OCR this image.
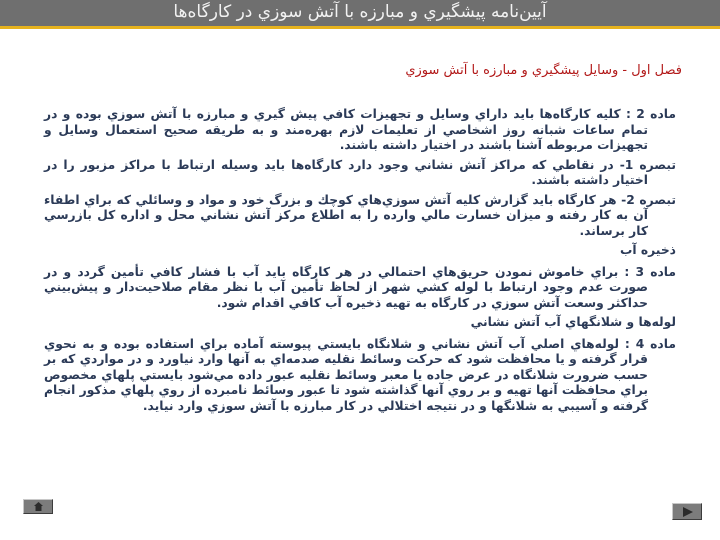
آيين‌نامه پيشگيري و مبارزه با آتش سوزي در كارگاه‌ها
فصل اول - وسايل پيشگيري و مبارزه با آتش سوزي

ماده 2 : كليه كارگاه‌ها بايد داراي وسايل و تجهيزات كافي پيش گيري و مبارزه با آتش سوزي بوده و در تمام ساعات شبانه روز اشخاصي از تعليمات لازم بهره‌مند و به طريقه صحيح استعمال وسايل و تجهيزات مربوطه آشنا باشند در اختيار داشته باشند.

تبصره 1- در نقاطي كه مراكز آتش نشاني وجود دارد كارگاه‌ها بايد وسيله ارتباط با مراكز مزبور را در اختيار داشته باشند.

تبصره 2- هر كارگاه بايد گزارش كليه آتش سوزي‌هاي كوچك و بزرگ خود و مواد و وسائلي كه براي اطفاء آن به كار رفته و ميزان خسارت مالي وارده را به اطلاع مركز آتش نشاني محل و اداره كل بازرسي كار برساند.

ذخيره آب

ماده 3 : براي خاموش نمودن حريق‌هاي احتمالي در هر كارگاه بايد آب با فشار كافي تأمين گردد و در صورت عدم وجود ارتباط با لوله كشي شهر از لحاظ تأمين آب با نظر مقام صلاحيت‌دار و پيش‌بيني حداكثر وسعت آتش سوزي در كارگاه به تهيه ذخيره آب كافي اقدام شود.

لوله‌ها و شلانگهاي آب آتش نشاني

ماده 4 : لوله‌هاي اصلي آب آتش نشاني و شلانگاه بايستي پيوسته آماده براي استفاده بوده و به نحوي قرار گرفته و يا محافظت شود كه حركت وسائط نقليه صدمه‌اي به آنها وارد نياورد و در مواردي كه بر حسب ضرورت شلانگاه در عرض جاده يا معبر وسائط نقليه عبور داده مي‌شود بايستي پلهاي مخصوص براي محافظت آنها تهيه و بر روي آنها گذاشته شود تا عبور وسائط نامبرده از روي پلهاي مذكور انجام گرفته و آسيبي به شلانگها و در نتيجه اختلالي در كار مبارزه با آتش سوزي وارد نيايد.
